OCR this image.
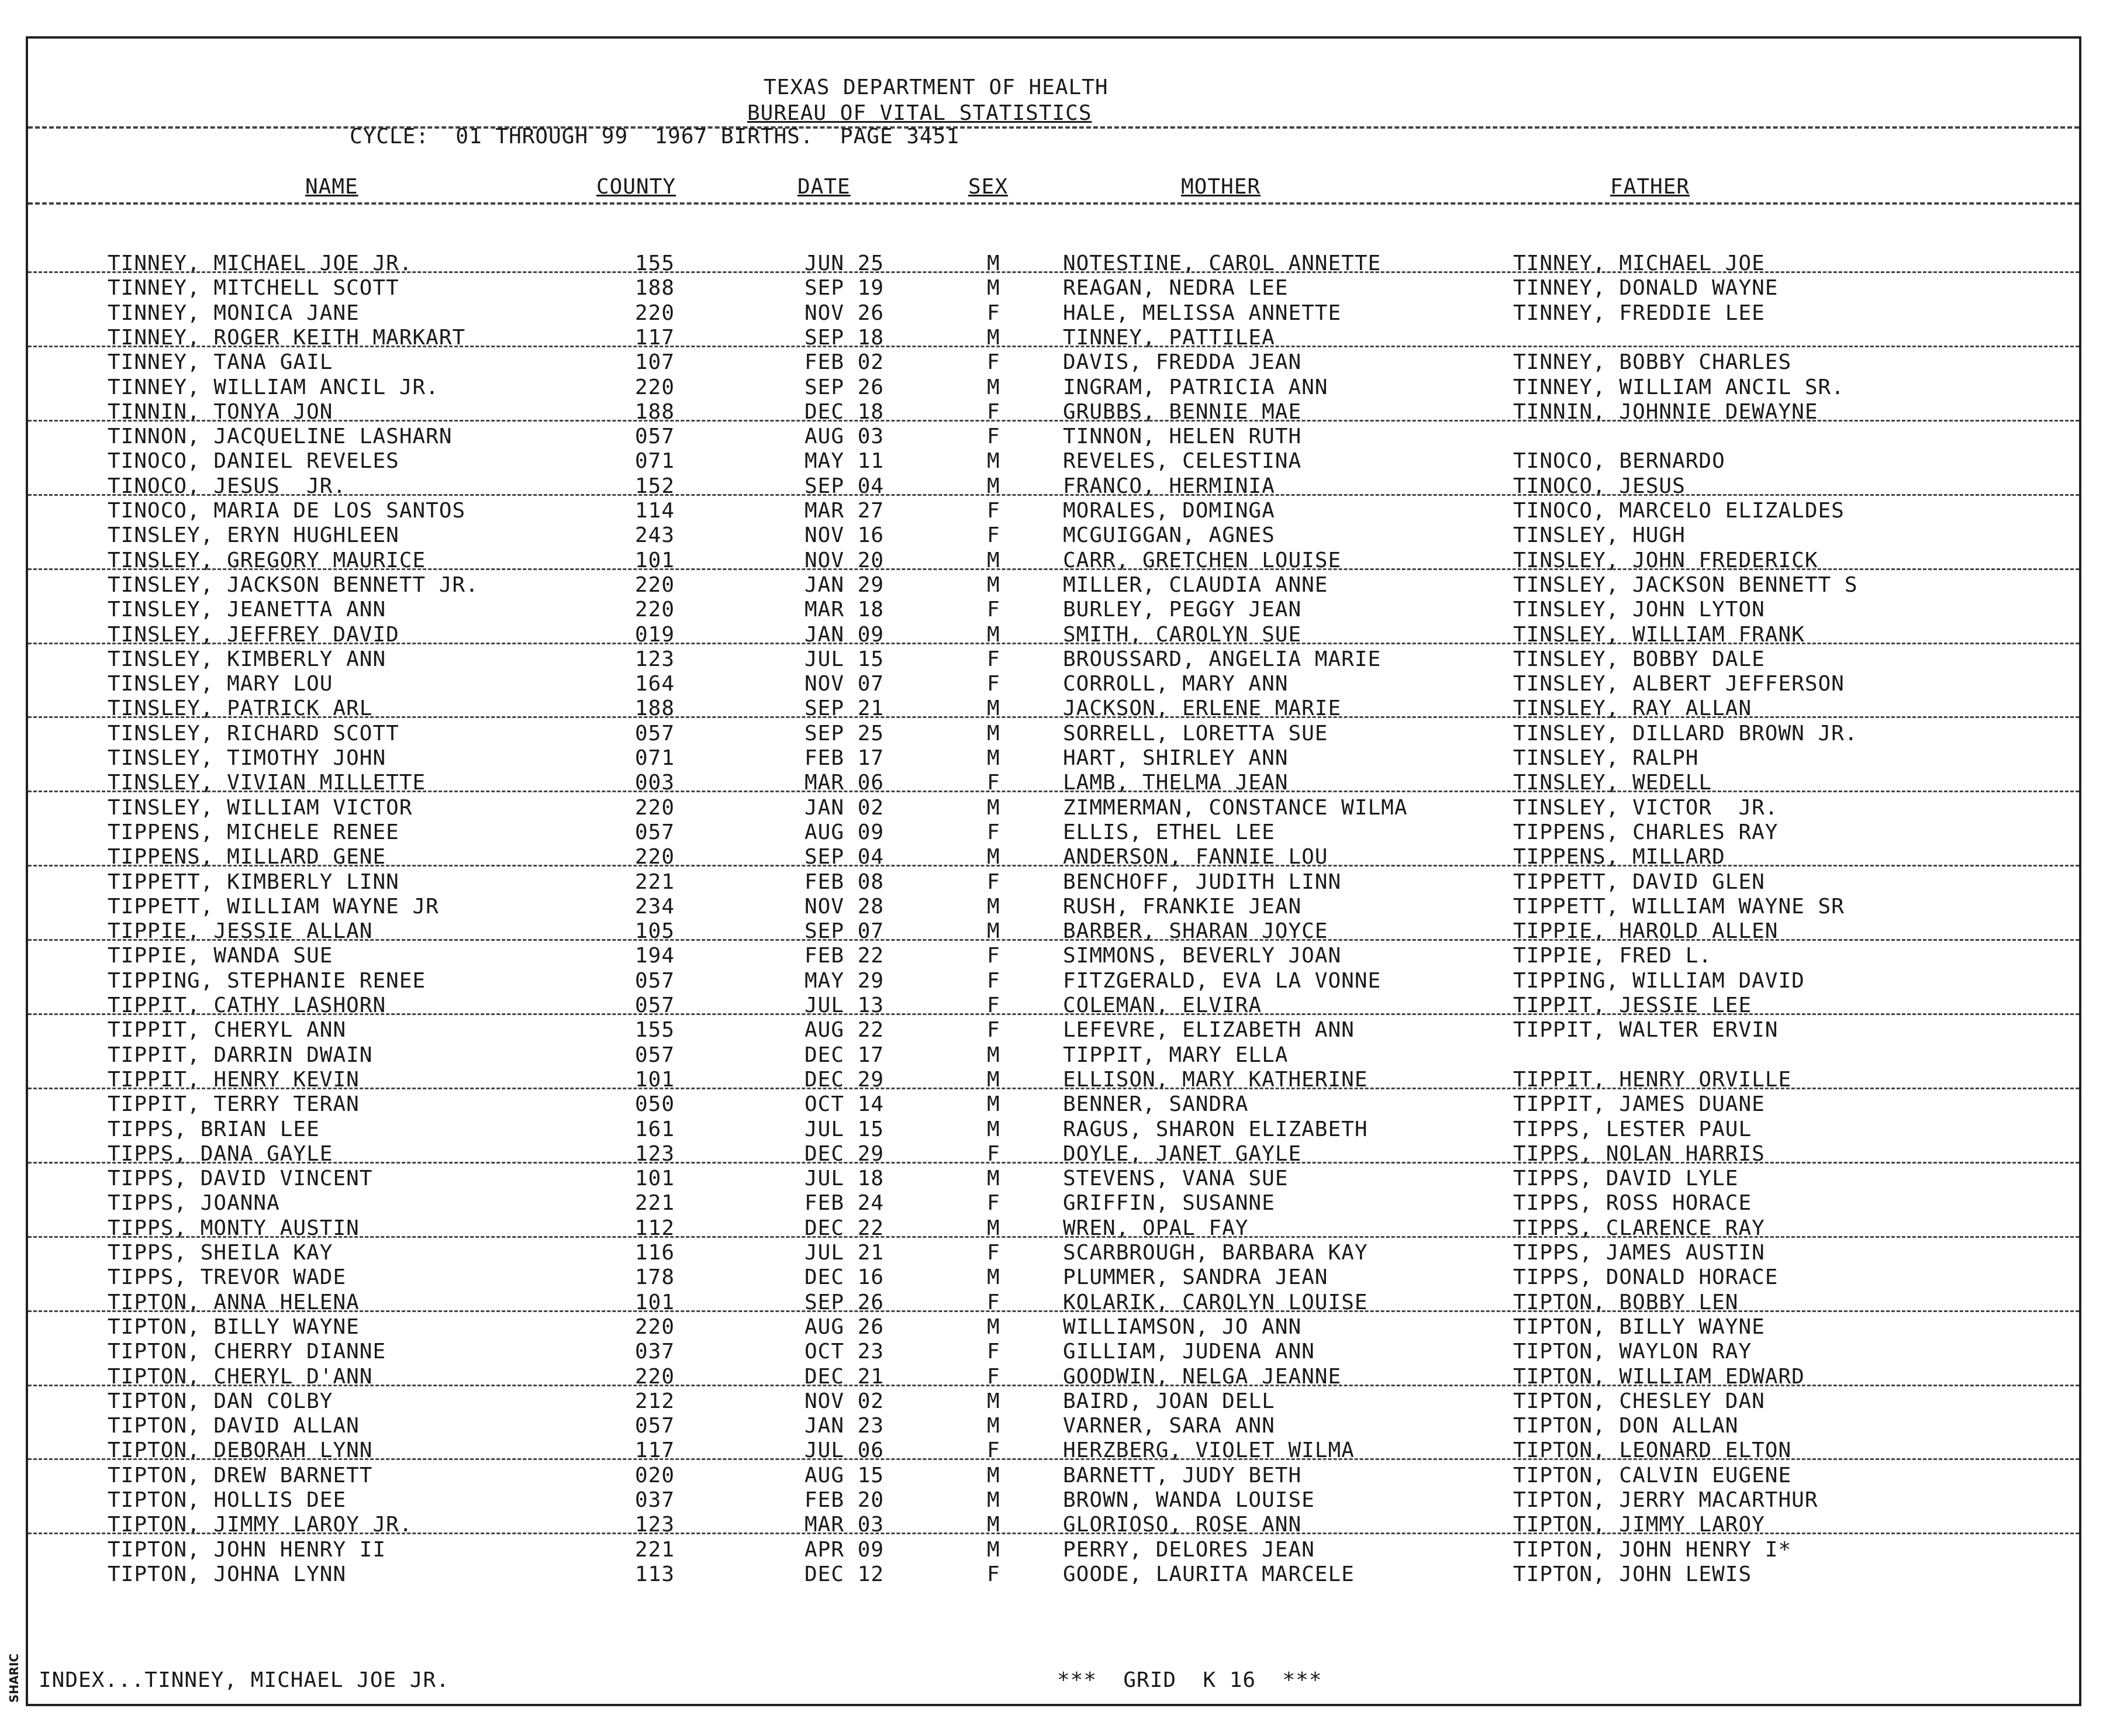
SHARIC
TEXAS DEPARTMENT OF HEALTH
BUREAU OF VITAL STATISTICS
CYCLE:  01 THROUGH 99  1967 BIRTHS.  PAGE 3451
NAME	COUNTY	DATE	SEX	MOTHER	FATHER
TINNEY, MICHAEL JOE JR.	155	JUN 25	M	NOTESTINE, CAROL ANNETTE	TINNEY, MICHAEL JOE
TINNEY, MITCHELL SCOTT	188	SEP 19	M	REAGAN, NEDRA LEE	TINNEY, DONALD WAYNE
TINNEY, MONICA JANE	220	NOV 26	F	HALE, MELISSA ANNETTE	TINNEY, FREDDIE LEE
TINNEY, ROGER KEITH MARKART	117	SEP 18	M	TINNEY, PATTILEA
TINNEY, TANA GAIL	107	FEB 02	F	DAVIS, FREDDA JEAN	TINNEY, BOBBY CHARLES
TINNEY, WILLIAM ANCIL JR.	220	SEP 26	M	INGRAM, PATRICIA ANN	TINNEY, WILLIAM ANCIL SR.
TINNIN, TONYA JON	188	DEC 18	F	GRUBBS, BENNIE MAE	TINNIN, JOHNNIE DEWAYNE
TINNON, JACQUELINE LASHARN	057	AUG 03	F	TINNON, HELEN RUTH
TINOCO, DANIEL REVELES	071	MAY 11	M	REVELES, CELESTINA	TINOCO, BERNARDO
TINOCO, JESUS  JR.	152	SEP 04	M	FRANCO, HERMINIA	TINOCO, JESUS
TINOCO, MARIA DE LOS SANTOS	114	MAR 27	F	MORALES, DOMINGA	TINOCO, MARCELO ELIZALDES
TINSLEY, ERYN HUGHLEEN	243	NOV 16	F	MCGUIGGAN, AGNES	TINSLEY, HUGH
TINSLEY, GREGORY MAURICE	101	NOV 20	M	CARR, GRETCHEN LOUISE	TINSLEY, JOHN FREDERICK
TINSLEY, JACKSON BENNETT JR.	220	JAN 29	M	MILLER, CLAUDIA ANNE	TINSLEY, JACKSON BENNETT S
TINSLEY, JEANETTA ANN	220	MAR 18	F	BURLEY, PEGGY JEAN	TINSLEY, JOHN LYTON
TINSLEY, JEFFREY DAVID	019	JAN 09	M	SMITH, CAROLYN SUE	TINSLEY, WILLIAM FRANK
TINSLEY, KIMBERLY ANN	123	JUL 15	F	BROUSSARD, ANGELIA MARIE	TINSLEY, BOBBY DALE
TINSLEY, MARY LOU	164	NOV 07	F	CORROLL, MARY ANN	TINSLEY, ALBERT JEFFERSON
TINSLEY, PATRICK ARL	188	SEP 21	M	JACKSON, ERLENE MARIE	TINSLEY, RAY ALLAN
TINSLEY, RICHARD SCOTT	057	SEP 25	M	SORRELL, LORETTA SUE	TINSLEY, DILLARD BROWN JR.
TINSLEY, TIMOTHY JOHN	071	FEB 17	M	HART, SHIRLEY ANN	TINSLEY, RALPH
TINSLEY, VIVIAN MILLETTE	003	MAR 06	F	LAMB, THELMA JEAN	TINSLEY, WEDELL
TINSLEY, WILLIAM VICTOR	220	JAN 02	M	ZIMMERMAN, CONSTANCE WILMA	TINSLEY, VICTOR  JR.
TIPPENS, MICHELE RENEE	057	AUG 09	F	ELLIS, ETHEL LEE	TIPPENS, CHARLES RAY
TIPPENS, MILLARD GENE	220	SEP 04	M	ANDERSON, FANNIE LOU	TIPPENS, MILLARD
TIPPETT, KIMBERLY LINN	221	FEB 08	F	BENCHOFF, JUDITH LINN	TIPPETT, DAVID GLEN
TIPPETT, WILLIAM WAYNE JR	234	NOV 28	M	RUSH, FRANKIE JEAN	TIPPETT, WILLIAM WAYNE SR
TIPPIE, JESSIE ALLAN	105	SEP 07	M	BARBER, SHARAN JOYCE	TIPPIE, HAROLD ALLEN
TIPPIE, WANDA SUE	194	FEB 22	F	SIMMONS, BEVERLY JOAN	TIPPIE, FRED L.
TIPPING, STEPHANIE RENEE	057	MAY 29	F	FITZGERALD, EVA LA VONNE	TIPPING, WILLIAM DAVID
TIPPIT, CATHY LASHORN	057	JUL 13	F	COLEMAN, ELVIRA	TIPPIT, JESSIE LEE
TIPPIT, CHERYL ANN	155	AUG 22	F	LEFEVRE, ELIZABETH ANN	TIPPIT, WALTER ERVIN
TIPPIT, DARRIN DWAIN	057	DEC 17	M	TIPPIT, MARY ELLA
TIPPIT, HENRY KEVIN	101	DEC 29	M	ELLISON, MARY KATHERINE	TIPPIT, HENRY ORVILLE
TIPPIT, TERRY TERAN	050	OCT 14	M	BENNER, SANDRA	TIPPIT, JAMES DUANE
TIPPS, BRIAN LEE	161	JUL 15	M	RAGUS, SHARON ELIZABETH	TIPPS, LESTER PAUL
TIPPS, DANA GAYLE	123	DEC 29	F	DOYLE, JANET GAYLE	TIPPS, NOLAN HARRIS
TIPPS, DAVID VINCENT	101	JUL 18	M	STEVENS, VANA SUE	TIPPS, DAVID LYLE
TIPPS, JOANNA	221	FEB 24	F	GRIFFIN, SUSANNE	TIPPS, ROSS HORACE
TIPPS, MONTY AUSTIN	112	DEC 22	M	WREN, OPAL FAY	TIPPS, CLARENCE RAY
TIPPS, SHEILA KAY	116	JUL 21	F	SCARBROUGH, BARBARA KAY	TIPPS, JAMES AUSTIN
TIPPS, TREVOR WADE	178	DEC 16	M	PLUMMER, SANDRA JEAN	TIPPS, DONALD HORACE
TIPTON, ANNA HELENA	101	SEP 26	F	KOLARIK, CAROLYN LOUISE	TIPTON, BOBBY LEN
TIPTON, BILLY WAYNE	220	AUG 26	M	WILLIAMSON, JO ANN	TIPTON, BILLY WAYNE
TIPTON, CHERRY DIANNE	037	OCT 23	F	GILLIAM, JUDENA ANN	TIPTON, WAYLON RAY
TIPTON, CHERYL D'ANN	220	DEC 21	F	GOODWIN, NELGA JEANNE	TIPTON, WILLIAM EDWARD
TIPTON, DAN COLBY	212	NOV 02	M	BAIRD, JOAN DELL	TIPTON, CHESLEY DAN
TIPTON, DAVID ALLAN	057	JAN 23	M	VARNER, SARA ANN	TIPTON, DON ALLAN
TIPTON, DEBORAH LYNN	117	JUL 06	F	HERZBERG, VIOLET WILMA	TIPTON, LEONARD ELTON
TIPTON, DREW BARNETT	020	AUG 15	M	BARNETT, JUDY BETH	TIPTON, CALVIN EUGENE
TIPTON, HOLLIS DEE	037	FEB 20	M	BROWN, WANDA LOUISE	TIPTON, JERRY MACARTHUR
TIPTON, JIMMY LAROY JR.	123	MAR 03	M	GLORIOSO, ROSE ANN	TIPTON, JIMMY LAROY
TIPTON, JOHN HENRY II	221	APR 09	M	PERRY, DELORES JEAN	TIPTON, JOHN HENRY I*
TIPTON, JOHNA LYNN	113	DEC 12	F	GOODE, LAURITA MARCELE	TIPTON, JOHN LEWIS
INDEX...TINNEY, MICHAEL JOE JR.	***  GRID  K 16  ***
